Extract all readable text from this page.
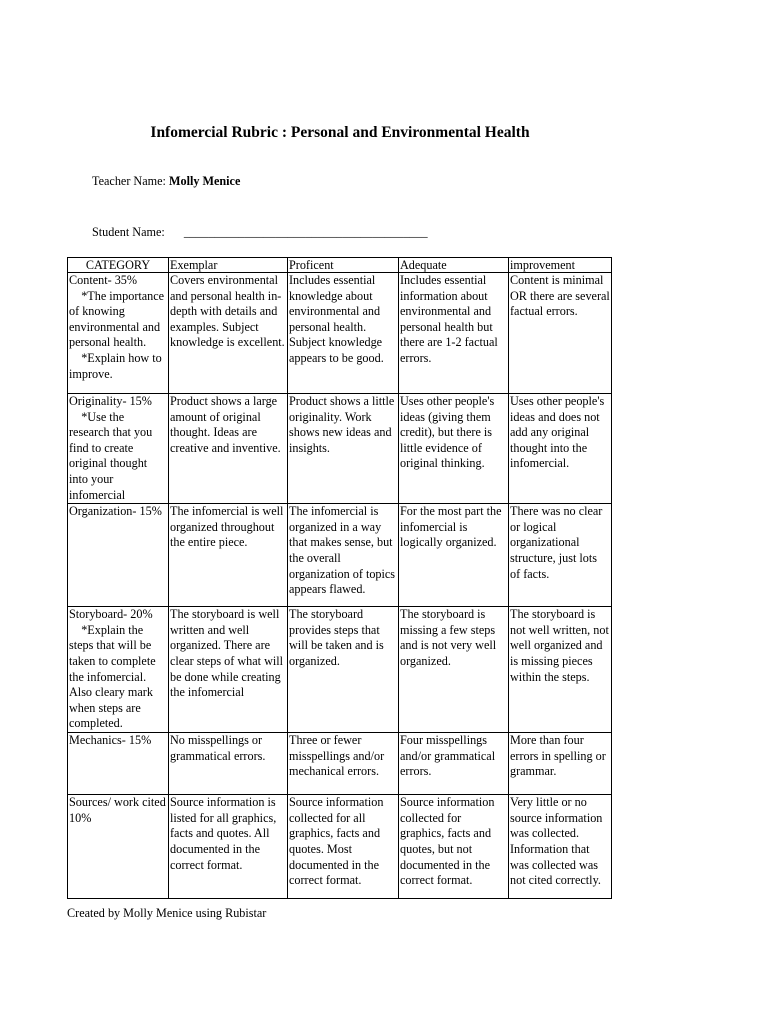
Infomercial Rubric : Personal and Environmental Health
Teacher Name: Molly Menice
Student Name: ________________________________________
CATEGORY	Exemplar	Proficent	Adequate	improvement
Content- 35%
*The importance of knowing environmental and personal health.
*Explain how to improve.	Covers environmental and personal health in-depth with details and examples. Subject knowledge is excellent.	Includes essential knowledge about environmental and personal health. Subject knowledge appears to be good.	Includes essential information about environmental and personal health but there are 1-2 factual errors.	Content is minimal OR there are several factual errors.
Originality- 15%
*Use the research that you find to create original thought into your infomercial	Product shows a large amount of original thought. Ideas are creative and inventive.	Product shows a little originality. Work shows new ideas and insights.	Uses other people's ideas (giving them credit), but there is little evidence of original thinking.	Uses other people's ideas and does not add any original thought into the infomercial.
Organization- 15%	The infomercial is well organized throughout the entire piece.	The infomercial is organized in a way that makes sense, but the overall organization of topics appears flawed.	For the most part the infomercial is logically organized.	There was no clear or logical organizational structure, just lots of facts.
Storyboard- 20%
*Explain the steps that will be taken to complete the infomercial. Also cleary mark when steps are completed.	The storyboard is well written and well organized. There are clear steps of what will be done while creating the infomercial	The storyboard provides steps that will be taken and is organized.	The storyboard is missing a few steps and is not very well organized.	The storyboard is not well written, not well organized and is missing pieces within the steps.
Mechanics- 15%	No misspellings or grammatical errors.	Three or fewer misspellings and/or mechanical errors.	Four misspellings and/or grammatical errors.	More than four errors in spelling or grammar.
Sources/ work cited 10%	Source information is listed for all graphics, facts and quotes. All documented in the correct format.	Source information collected for all graphics, facts and quotes. Most documented in the correct format.	Source information collected for graphics, facts and quotes, but not documented in the correct format.	Very little or no source information was collected. Information that was collected was not cited correctly.
Created by Molly Menice using Rubistar
